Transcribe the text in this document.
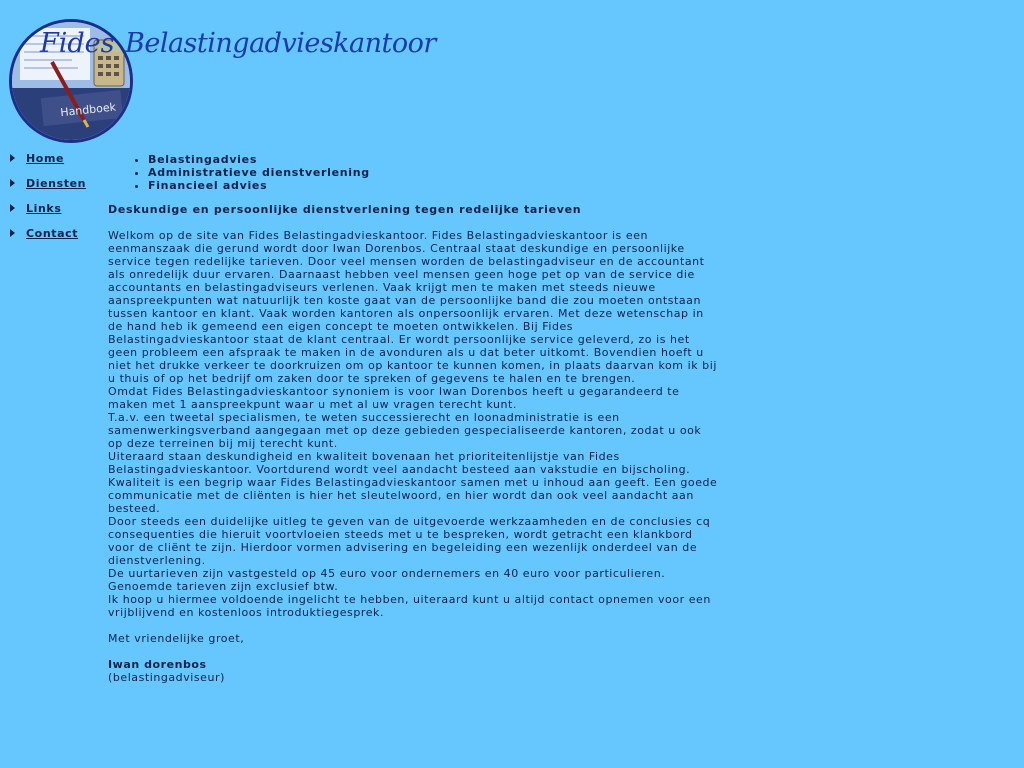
Handboek
Fides Belastingadvieskantoor
Home
Diensten
Links
Contact
• Belastingadvies
• Administratieve dienstverlening
• Financieel advies

Deskundige en persoonlijke dienstverlening tegen redelijke tarieven

Welkom op de site van Fides Belastingadvieskantoor. Fides Belastingadvieskantoor is een eenmanszaak die gerund wordt door Iwan Dorenbos. Centraal staat deskundige en persoonlijke service tegen redelijke tarieven. Door veel mensen worden de belastingadviseur en de accountant als onredelijk duur ervaren. Daarnaast hebben veel mensen geen hoge pet op van de service die accountants en belastingadviseurs verlenen. Vaak krijgt men te maken met steeds nieuwe aanspreekpunten wat natuurlijk ten koste gaat van de persoonlijke band die zou moeten ontstaan tussen kantoor en klant. Vaak worden kantoren als onpersoonlijk ervaren. Met deze wetenschap in de hand heb ik gemeend een eigen concept te moeten ontwikkelen. Bij Fides Belastingadvieskantoor staat de klant centraal. Er wordt persoonlijke service geleverd, zo is het geen probleem een afspraak te maken in de avonduren als u dat beter uitkomt. Bovendien hoeft u niet het drukke verkeer te doorkruizen om op kantoor te kunnen komen, in plaats daarvan kom ik bij u thuis of op het bedrijf om zaken door te spreken of gegevens te halen en te brengen.

Omdat Fides Belastingadvieskantoor synoniem is voor Iwan Dorenbos heeft u gegarandeerd te maken met 1 aanspreekpunt waar u met al uw vragen terecht kunt.

T.a.v. een tweetal specialismen, te weten successierecht en loonadministratie is een samenwerkingsverband aangegaan met op deze gebieden gespecialiseerde kantoren, zodat u ook op deze terreinen bij mij terecht kunt.

Uiteraard staan deskundigheid en kwaliteit bovenaan het prioriteitenlijstje van Fides Belastingadvieskantoor. Voortdurend wordt veel aandacht besteed aan vakstudie en bijscholing. Kwaliteit is een begrip waar Fides Belastingadvieskantoor samen met u inhoud aan geeft. Een goede communicatie met de cliënten is hier het sleutelwoord, en hier wordt dan ook veel aandacht aan besteed.

Door steeds een duidelijke uitleg te geven van de uitgevoerde werkzaamheden en de conclusies cq consequenties die hieruit voortvloeien steeds met u te bespreken, wordt getracht een klankbord voor de cliënt te zijn. Hierdoor vormen advisering en begeleiding een wezenlijk onderdeel van de dienstverlening.

De uurtarieven zijn vastgesteld op 45 euro voor ondernemers en 40 euro voor particulieren. Genoemde tarieven zijn exclusief btw.

Ik hoop u hiermee voldoende ingelicht te hebben, uiteraard kunt u altijd contact opnemen voor een vrijblijvend en kostenloos introduktiegesprek.

Met vriendelijke groet,

Iwan dorenbos

(belastingadviseur)
